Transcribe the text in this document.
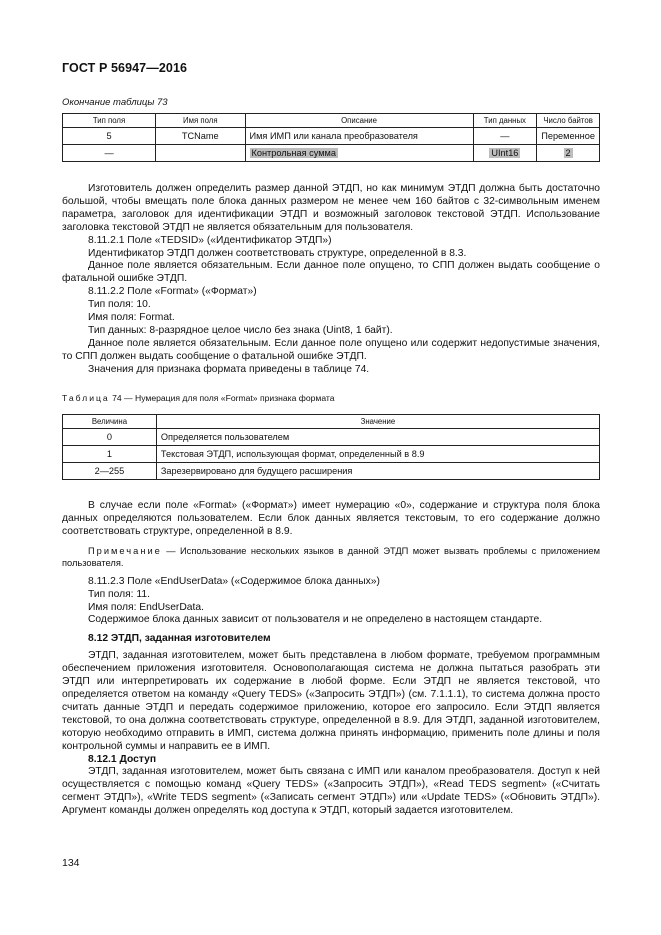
ГОСТ Р 56947—2016
Окончание таблицы 73
Тип поля	Имя поля	Описание	Тип данных	Число байтов
5	TCName	Имя ИМП или канала преобразователя	—	Переменное
—		Контрольная сумма	UInt16	2

Изготовитель должен определить размер данной ЭТДП, но как минимум ЭТДП должна быть достаточно большой, чтобы вмещать поле блока данных размером не менее чем 160 байтов с 32-символьным именем параметра, заголовок для идентификации ЭТДП и возможный заголовок текстовой ЭТДП. Использование заголовка текстовой ЭТДП не является обязательным для пользователя.

8.11.2.1 Поле «TEDSID» («Идентификатор ЭТДП»)

Идентификатор ЭТДП должен соответствовать структуре, определенной в 8.3.

Данное поле является обязательным. Если данное поле опущено, то СПП должен выдать сообщение о фатальной ошибке ЭТДП.

8.11.2.2 Поле «Format» («Формат»)

Тип поля: 10.

Имя поля: Format.

Тип данных: 8-разрядное целое число без знака (Uint8, 1 байт).

Данное поле является обязательным. Если данное поле опущено или содержит недопустимые значения, то СПП должен выдать сообщение о фатальной ошибке ЭТДП.

Значения для признака формата приведены в таблице 74.

Таблица 74 — Нумерация для поля «Format» признака формата
Величина	Значение
0	Определяется пользователем
1	Текстовая ЭТДП, использующая формат, определенный в 8.9
2—255	Зарезервировано для будущего расширения

В случае если поле «Format» («Формат») имеет нумерацию «0», содержание и структура поля блока данных определяются пользователем. Если блок данных является текстовым, то его содержание должно соответствовать структуре, определенной в 8.9.

Примечание — Использование нескольких языков в данной ЭТДП может вызвать проблемы с приложением пользователя.

8.11.2.3 Поле «EndUserData» («Содержимое блока данных»)

Тип поля: 11.

Имя поля: EndUserData.

Содержимое блока данных зависит от пользователя и не определено в настоящем стандарте.

8.12 ЭТДП, заданная изготовителем

ЭТДП, заданная изготовителем, может быть представлена в любом формате, требуемом программным обеспечением приложения изготовителя. Основополагающая система не должна пытаться разобрать эти ЭТДП или интерпретировать их содержание в любой форме. Если ЭТДП не является текстовой, что определяется ответом на команду «Query TEDS» («Запросить ЭТДП») (см. 7.1.1.1), то система должна просто считать данные ЭТДП и передать содержимое приложению, которое его запросило. Если ЭТДП является текстовой, то она должна соответствовать структуре, определенной в 8.9. Для ЭТДП, заданной изготовителем, которую необходимо отправить в ИМП, система должна принять информацию, применить поле длины и поля контрольной суммы и направить ее в ИМП.

8.12.1 Доступ

ЭТДП, заданная изготовителем, может быть связана с ИМП или каналом преобразователя. Доступ к ней осуществляется с помощью команд «Query TEDS» («Запросить ЭТДП»), «Read TEDS segment» («Считать сегмент ЭТДП»), «Write TEDS segment» («Записать сегмент ЭТДП») или «Update TEDS» («Обновить ЭТДП»). Аргумент команды должен определять код доступа к ЭТДП, который задается изготовителем.

134
